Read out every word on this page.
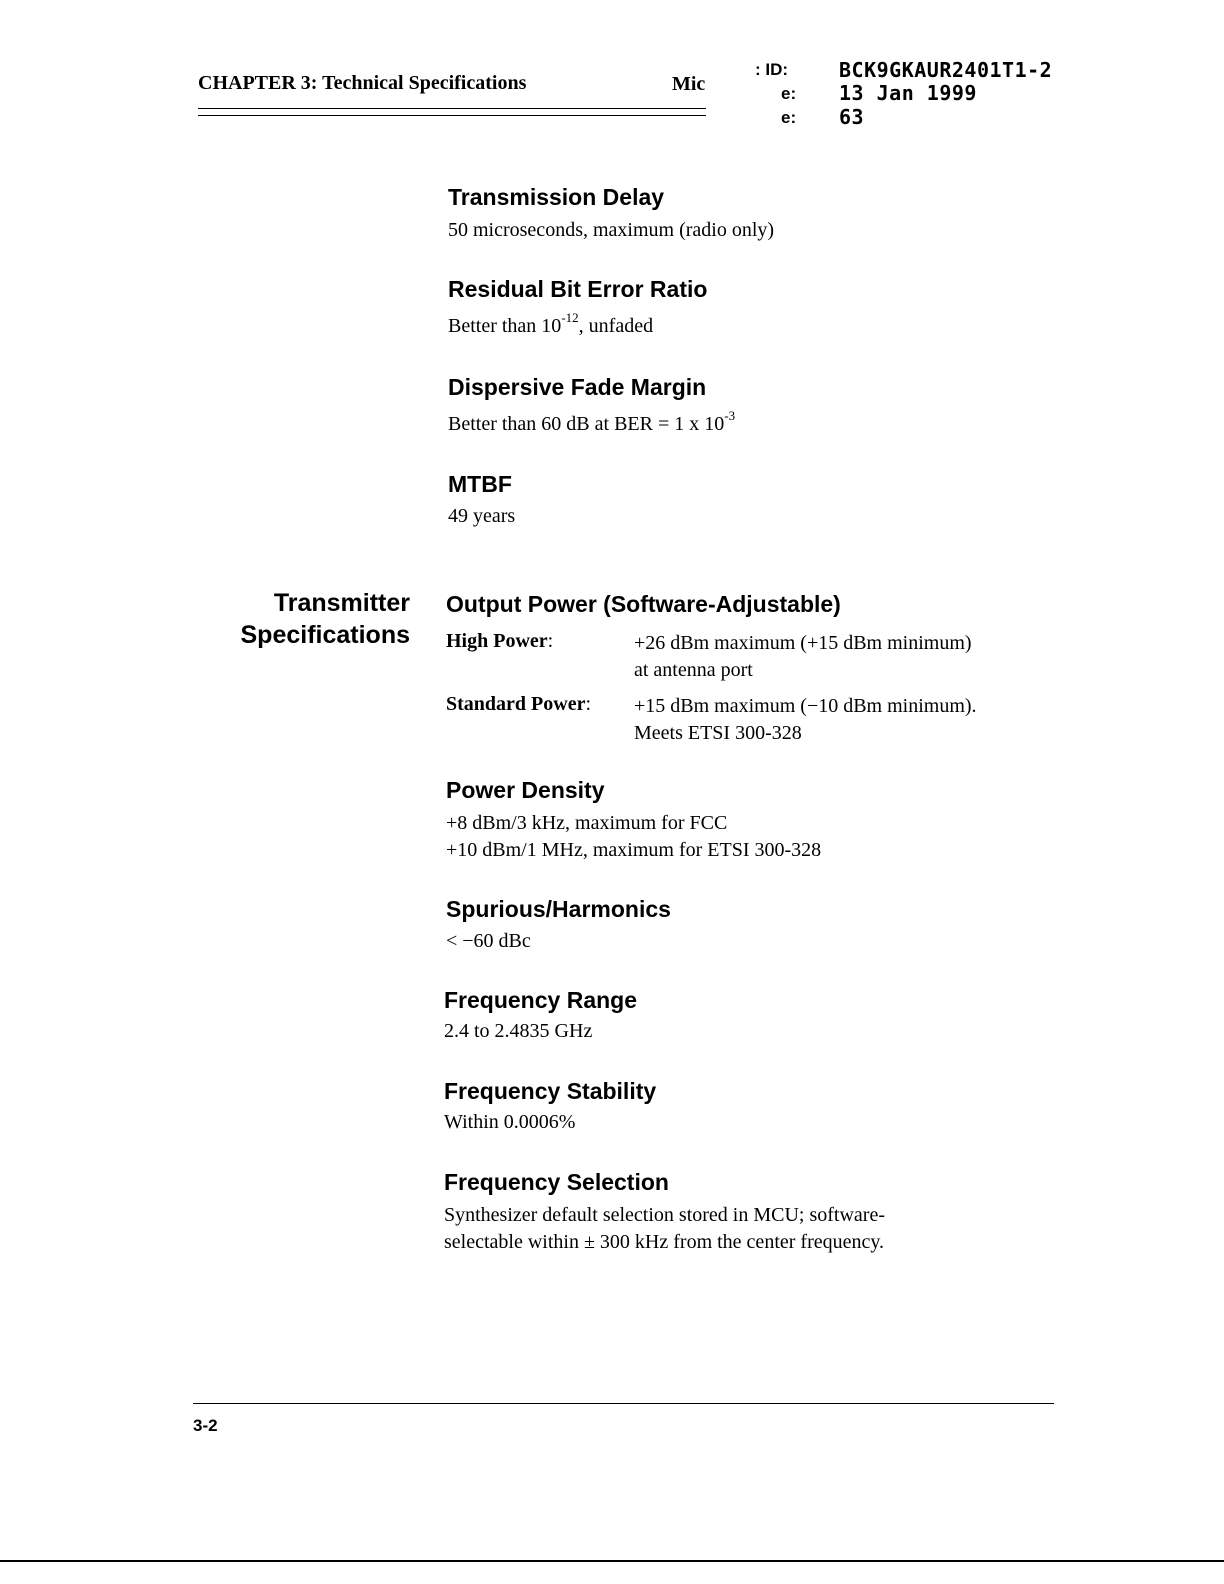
CHAPTER 3: Technical Specifications	Mic
: ID:	BCK9GKAUR2401T1-2
e: 13 Jan 1999
e: 63
Transmission Delay
50 microseconds, maximum (radio only)
Residual Bit Error Ratio
Better than $10^{-12}$, unfaded
Dispersive Fade Margin
Better than 60 dB at BER = 1 x $10^{-3}$
MTBF
49 years
Transmitter
Specifications
Output Power (Software-Adjustable)
High Power:	+26 dBm maximum (+15 dBm minimum)
at antenna port
Standard Power: +15 dBm maximum (−10 dBm minimum).
Meets ETSI 300-328
Power Density
+8 dBm/3 kHz, maximum for FCC
+10 dBm/1 MHz, maximum for ETSI 300-328
Spurious/Harmonics
< −60 dBc
Frequency Range
2.4 to 2.4835 GHz
Frequency Stability
Within 0.0006%
Frequency Selection
Synthesizer default selection stored in MCU; software-
selectable within ± 300 kHz from the center frequency.
3-2
